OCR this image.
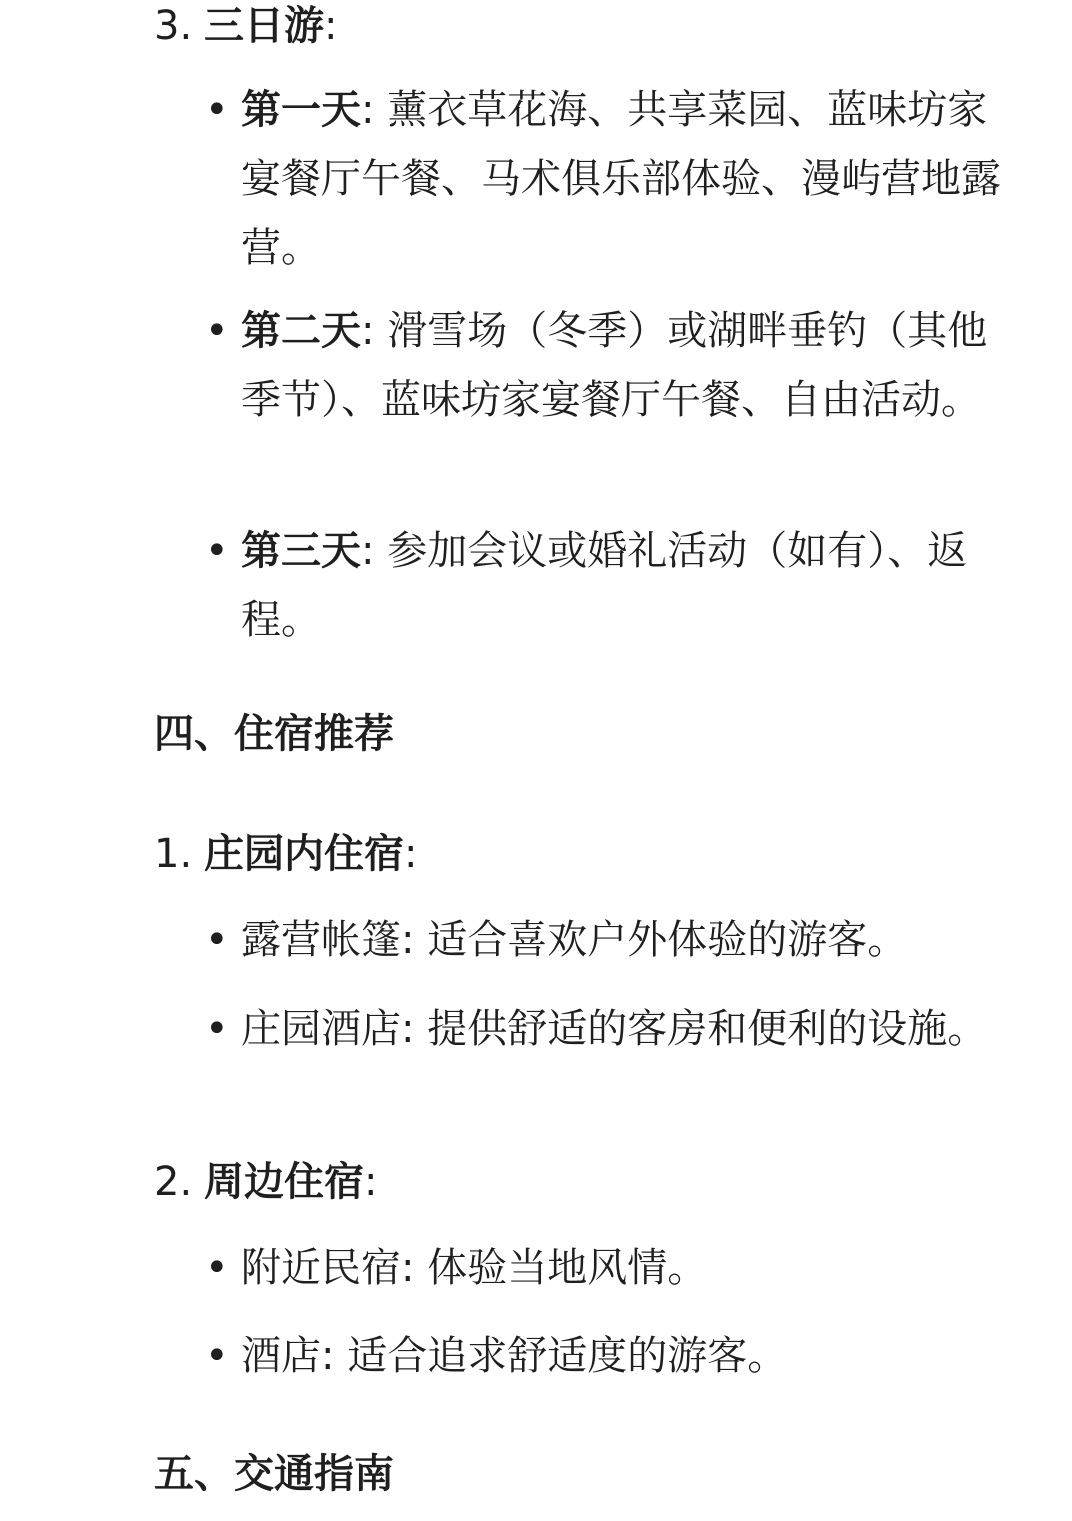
3. 三日游:
• 第一天: 薰衣草花海、共享菜园、蓝味坊家宴餐厅午餐、马术俱乐部体验、漫屿营地露营。
• 第二天: 滑雪场（冬季）或湖畔垂钓（其他季节）、蓝味坊家宴餐厅午餐、自由活动。
• 第三天: 参加会议或婚礼活动（如有）、返程。
四、住宿推荐
1. 庄园内住宿:
• 露营帐篷: 适合喜欢户外体验的游客。
• 庄园酒店: 提供舒适的客房和便利的设施。
2. 周边住宿:
• 附近民宿: 体验当地风情。
• 酒店: 适合追求舒适度的游客。
五、交通指南
